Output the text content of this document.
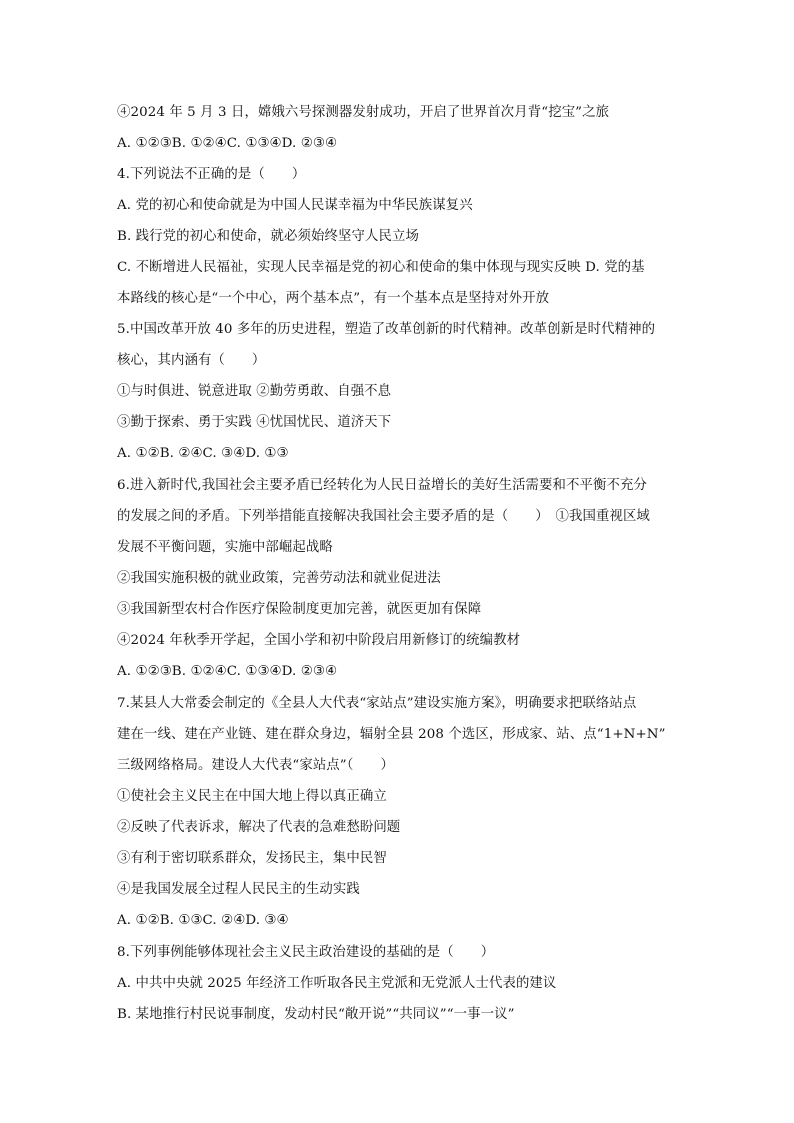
④2024 年 5 月 3 日，嫦娥六号探测器发射成功，开启了世界首次月背“挖宝”之旅
A. ①②③B. ①②④C. ①③④D. ②③④
4.下列说法不正确的是（　　）
A. 党的初心和使命就是为中国人民谋幸福为中华民族谋复兴
B. 践行党的初心和使命，就必须始终坚守人民立场
C. 不断增进人民福祉，实现人民幸福是党的初心和使命的集中体现与现实反映 D. 党的基
本路线的核心是“一个中心，两个基本点”，有一个基本点是坚持对外开放
5.中国改革开放 40 多年的历史进程，塑造了改革创新的时代精神。改革创新是时代精神的
核心，其内涵有（　　）
①与时俱进、锐意进取 ②勤劳勇敢、自强不息
③勤于探索、勇于实践 ④忧国忧民、道济天下
A. ①②B. ②④C. ③④D. ①③
6.进入新时代,我国社会主要矛盾已经转化为人民日益增长的美好生活需要和不平衡不充分
的发展之间的矛盾。下列举措能直接解决我国社会主要矛盾的是（　　）　①我国重视区域
发展不平衡问题，实施中部崛起战略
②我国实施积极的就业政策，完善劳动法和就业促进法
③我国新型农村合作医疗保险制度更加完善，就医更加有保障
④2024 年秋季开学起，全国小学和初中阶段启用新修订的统编教材
A. ①②③B. ①②④C. ①③④D. ②③④
7.某县人大常委会制定的《全县人大代表“家站点”建设实施方案》，明确要求把联络站点
建在一线、建在产业链、建在群众身边，辐射全县 208 个选区，形成家、站、点“1+N+N”
三级网络格局。建设人大代表“家站点”（　　）
①使社会主义民主在中国大地上得以真正确立
②反映了代表诉求，解决了代表的急难愁盼问题
③有利于密切联系群众，发扬民主，集中民智
④是我国发展全过程人民民主的生动实践
A. ①②B. ①③C. ②④D. ③④
8.下列事例能够体现社会主义民主政治建设的基础的是（　　）
A. 中共中央就 2025 年经济工作听取各民主党派和无党派人士代表的建议
B. 某地推行村民说事制度，发动村民“敞开说”“共同议”“一事一议”
